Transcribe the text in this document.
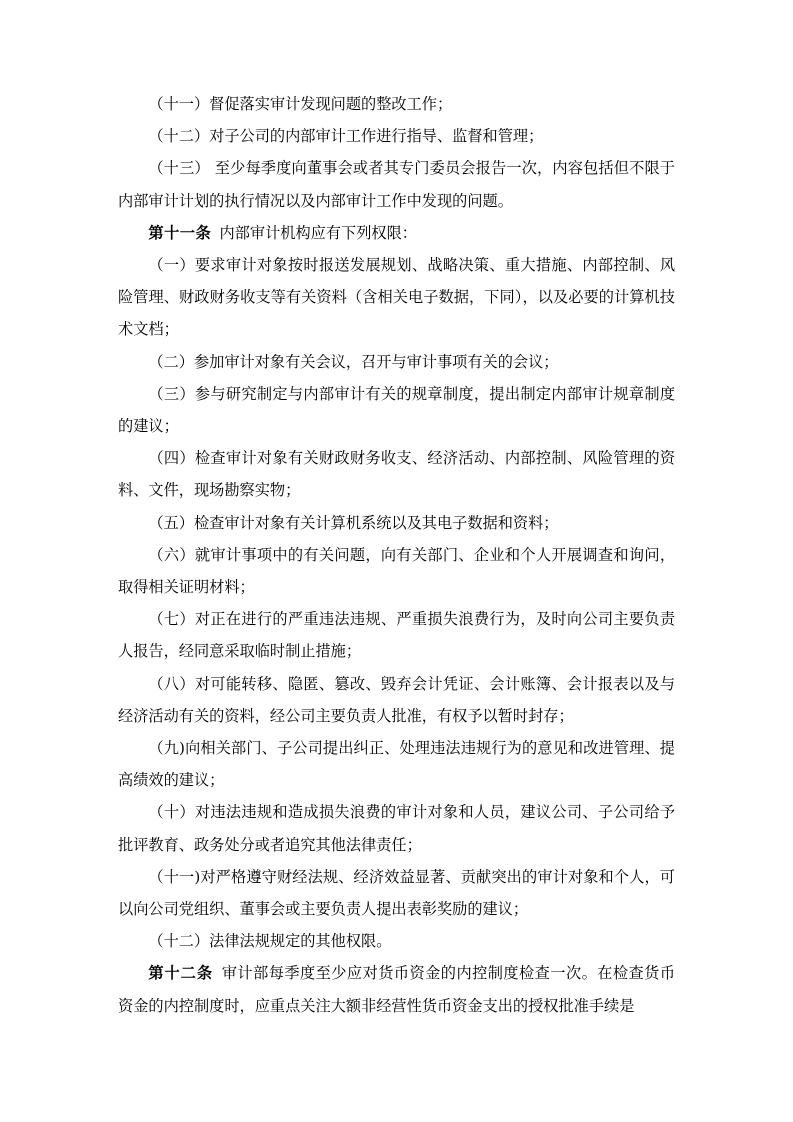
（十一）督促落实审计发现问题的整改工作；

（十二）对子公司的内部审计工作进行指导、监督和管理；

（十三） 至少每季度向董事会或者其专门委员会报告一次，内容包括但不限于内部审计计划的执行情况以及内部审计工作中发现的问题。

第十一条 内部审计机构应有下列权限：

（一）要求审计对象按时报送发展规划、战略决策、重大措施、内部控制、风险管理、财政财务收支等有关资料（含相关电子数据，下同），以及必要的计算机技术文档；

（二）参加审计对象有关会议，召开与审计事项有关的会议；

（三）参与研究制定与内部审计有关的规章制度，提出制定内部审计规章制度的建议；

（四）检查审计对象有关财政财务收支、经济活动、内部控制、风险管理的资料、文件，现场勘察实物；

（五）检查审计对象有关计算机系统以及其电子数据和资料；

（六）就审计事项中的有关问题，向有关部门、企业和个人开展调查和询问，取得相关证明材料；

（七）对正在进行的严重违法违规、严重损失浪费行为，及时向公司主要负责人报告，经同意采取临时制止措施；

（八）对可能转移、隐匿、篡改、毁弃会计凭证、会计账簿、会计报表以及与经济活动有关的资料，经公司主要负责人批准，有权予以暂时封存；

（九)向相关部门、子公司提出纠正、处理违法违规行为的意见和改进管理、提高绩效的建议；

（十）对违法违规和造成损失浪费的审计对象和人员，建议公司、子公司给予批评教育、政务处分或者追究其他法律责任；

（十一)对严格遵守财经法规、经济效益显著、贡献突出的审计对象和个人，可以向公司党组织、董事会或主要负责人提出表彰奖励的建议；

（十二）法律法规规定的其他权限。

第十二条 审计部每季度至少应对货币资金的内控制度检查一次。在检查货币资金的内控制度时，应重点关注大额非经营性货币资金支出的授权批准手续是
